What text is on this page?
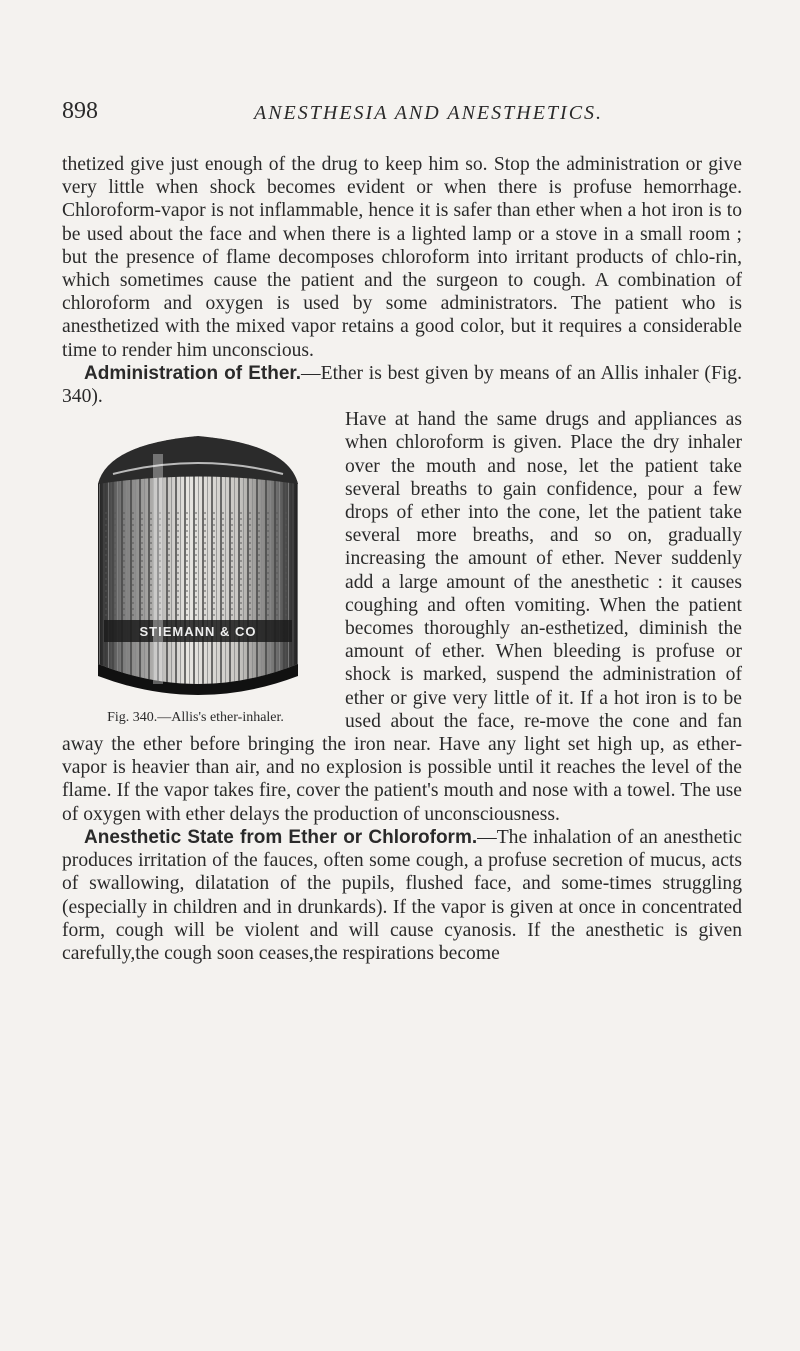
898	ANESTHESIA AND ANESTHETICS.

thetized give just enough of the drug to keep him so. Stop the administration or give very little when shock becomes evident or when there is profuse hemorrhage. Chloroform-vapor is not inflammable, hence it is safer than ether when a hot iron is to be used about the face and when there is a lighted lamp or a stove in a small room ; but the presence of flame decomposes chloroform into irritant products of chlo-rin, which sometimes cause the patient and the surgeon to cough. A combination of chloroform and oxygen is used by some administrators. The patient who is anesthetized with the mixed vapor retains a good color, but it requires a considerable time to render him unconscious.

Administration of Ether.—Ether is best given by means of an Allis inhaler (Fig. 340).

STIEMANN & CO
Fig. 340.—Allis's ether-inhaler.

Have at hand the same drugs and appliances as when chloroform is given. Place the dry inhaler over the mouth and nose, let the patient take several breaths to gain confidence, pour a few drops of ether into the cone, let the patient take several more breaths, and so on, gradually increasing the amount of ether. Never suddenly add a large amount of the anesthetic : it causes coughing and often vomiting. When the patient becomes thoroughly an-esthetized, diminish the amount of ether. When bleeding is profuse or shock is marked, suspend the administration of ether or give very little of it. If a hot iron is to be used about the face, re-move the cone and fan away the ether before bringing the iron near. Have any light set high up, as ether-vapor is heavier than air, and no explosion is possible until it reaches the level of the flame. If the vapor takes fire, cover the patient's mouth and nose with a towel. The use of oxygen with ether delays the production of unconsciousness.

Anesthetic State from Ether or Chloroform.—The inhalation of an anesthetic produces irritation of the fauces, often some cough, a profuse secretion of mucus, acts of swallowing, dilatation of the pupils, flushed face, and some-times struggling (especially in children and in drunkards). If the vapor is given at once in concentrated form, cough will be violent and will cause cyanosis. If the anesthetic is given carefully,the cough soon ceases,the respirations become
